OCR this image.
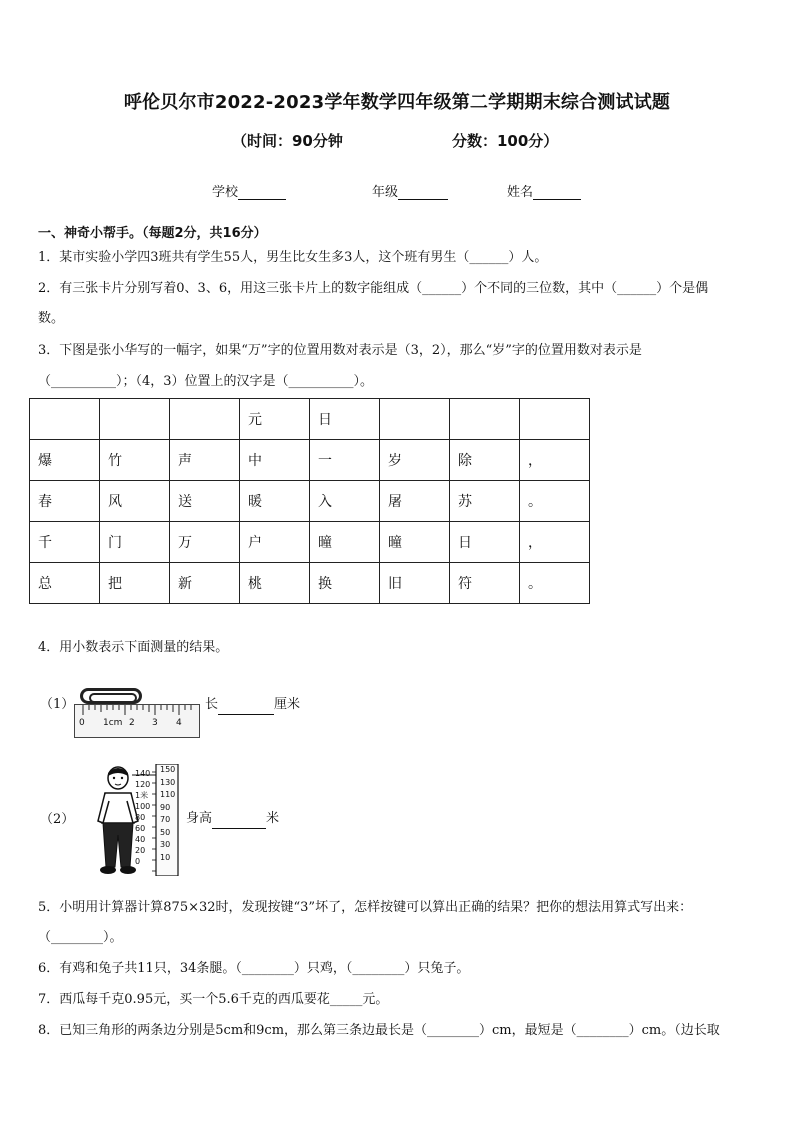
呼伦贝尔市2022-2023学年数学四年级第二学期期末综合测试试题
（时间：90分钟	分数：100分）
学校	年级	姓名
一、神奇小帮手。（每题2分，共16分）
1．某市实验小学四3班共有学生55人，男生比女生多3人，这个班有男生（______）人。
2．有三张卡片分别写着0、3、6，用这三张卡片上的数字能组成（______）个不同的三位数，其中（______）个是偶
数。
3．下图是张小华写的一幅字，如果“万”字的位置用数对表示是（3，2），那么“岁”字的位置用数对表示是
（__________）；（4，3）位置上的汉字是（__________）。
			元	日			
爆	竹	声	中	一	岁	除	，
春	风	送	暖	入	屠	苏	。
千	门	万	户	曈	曈	日	，
总	把	新	桃	换	旧	符	。
4．用小数表示下面测量的结果。
（1）
0 1cm 2 3 4
长	厘米
（2）
140
120
1米
100
80
60
40
20
0
150
130
110
90
70
50
30
10
身高	米
5．小明用计算器计算875×32时，发现按键“3”坏了，怎样按键可以算出正确的结果？把你的想法用算式写出来：
（________）。
6．有鸡和兔子共11只，34条腿。（________）只鸡，（________）只兔子。
7．西瓜每千克0.95元，买一个5.6千克的西瓜要花_____元。
8．已知三角形的两条边分别是5cm和9cm，那么第三条边最长是（________）cm，最短是（________）cm。（边长取
